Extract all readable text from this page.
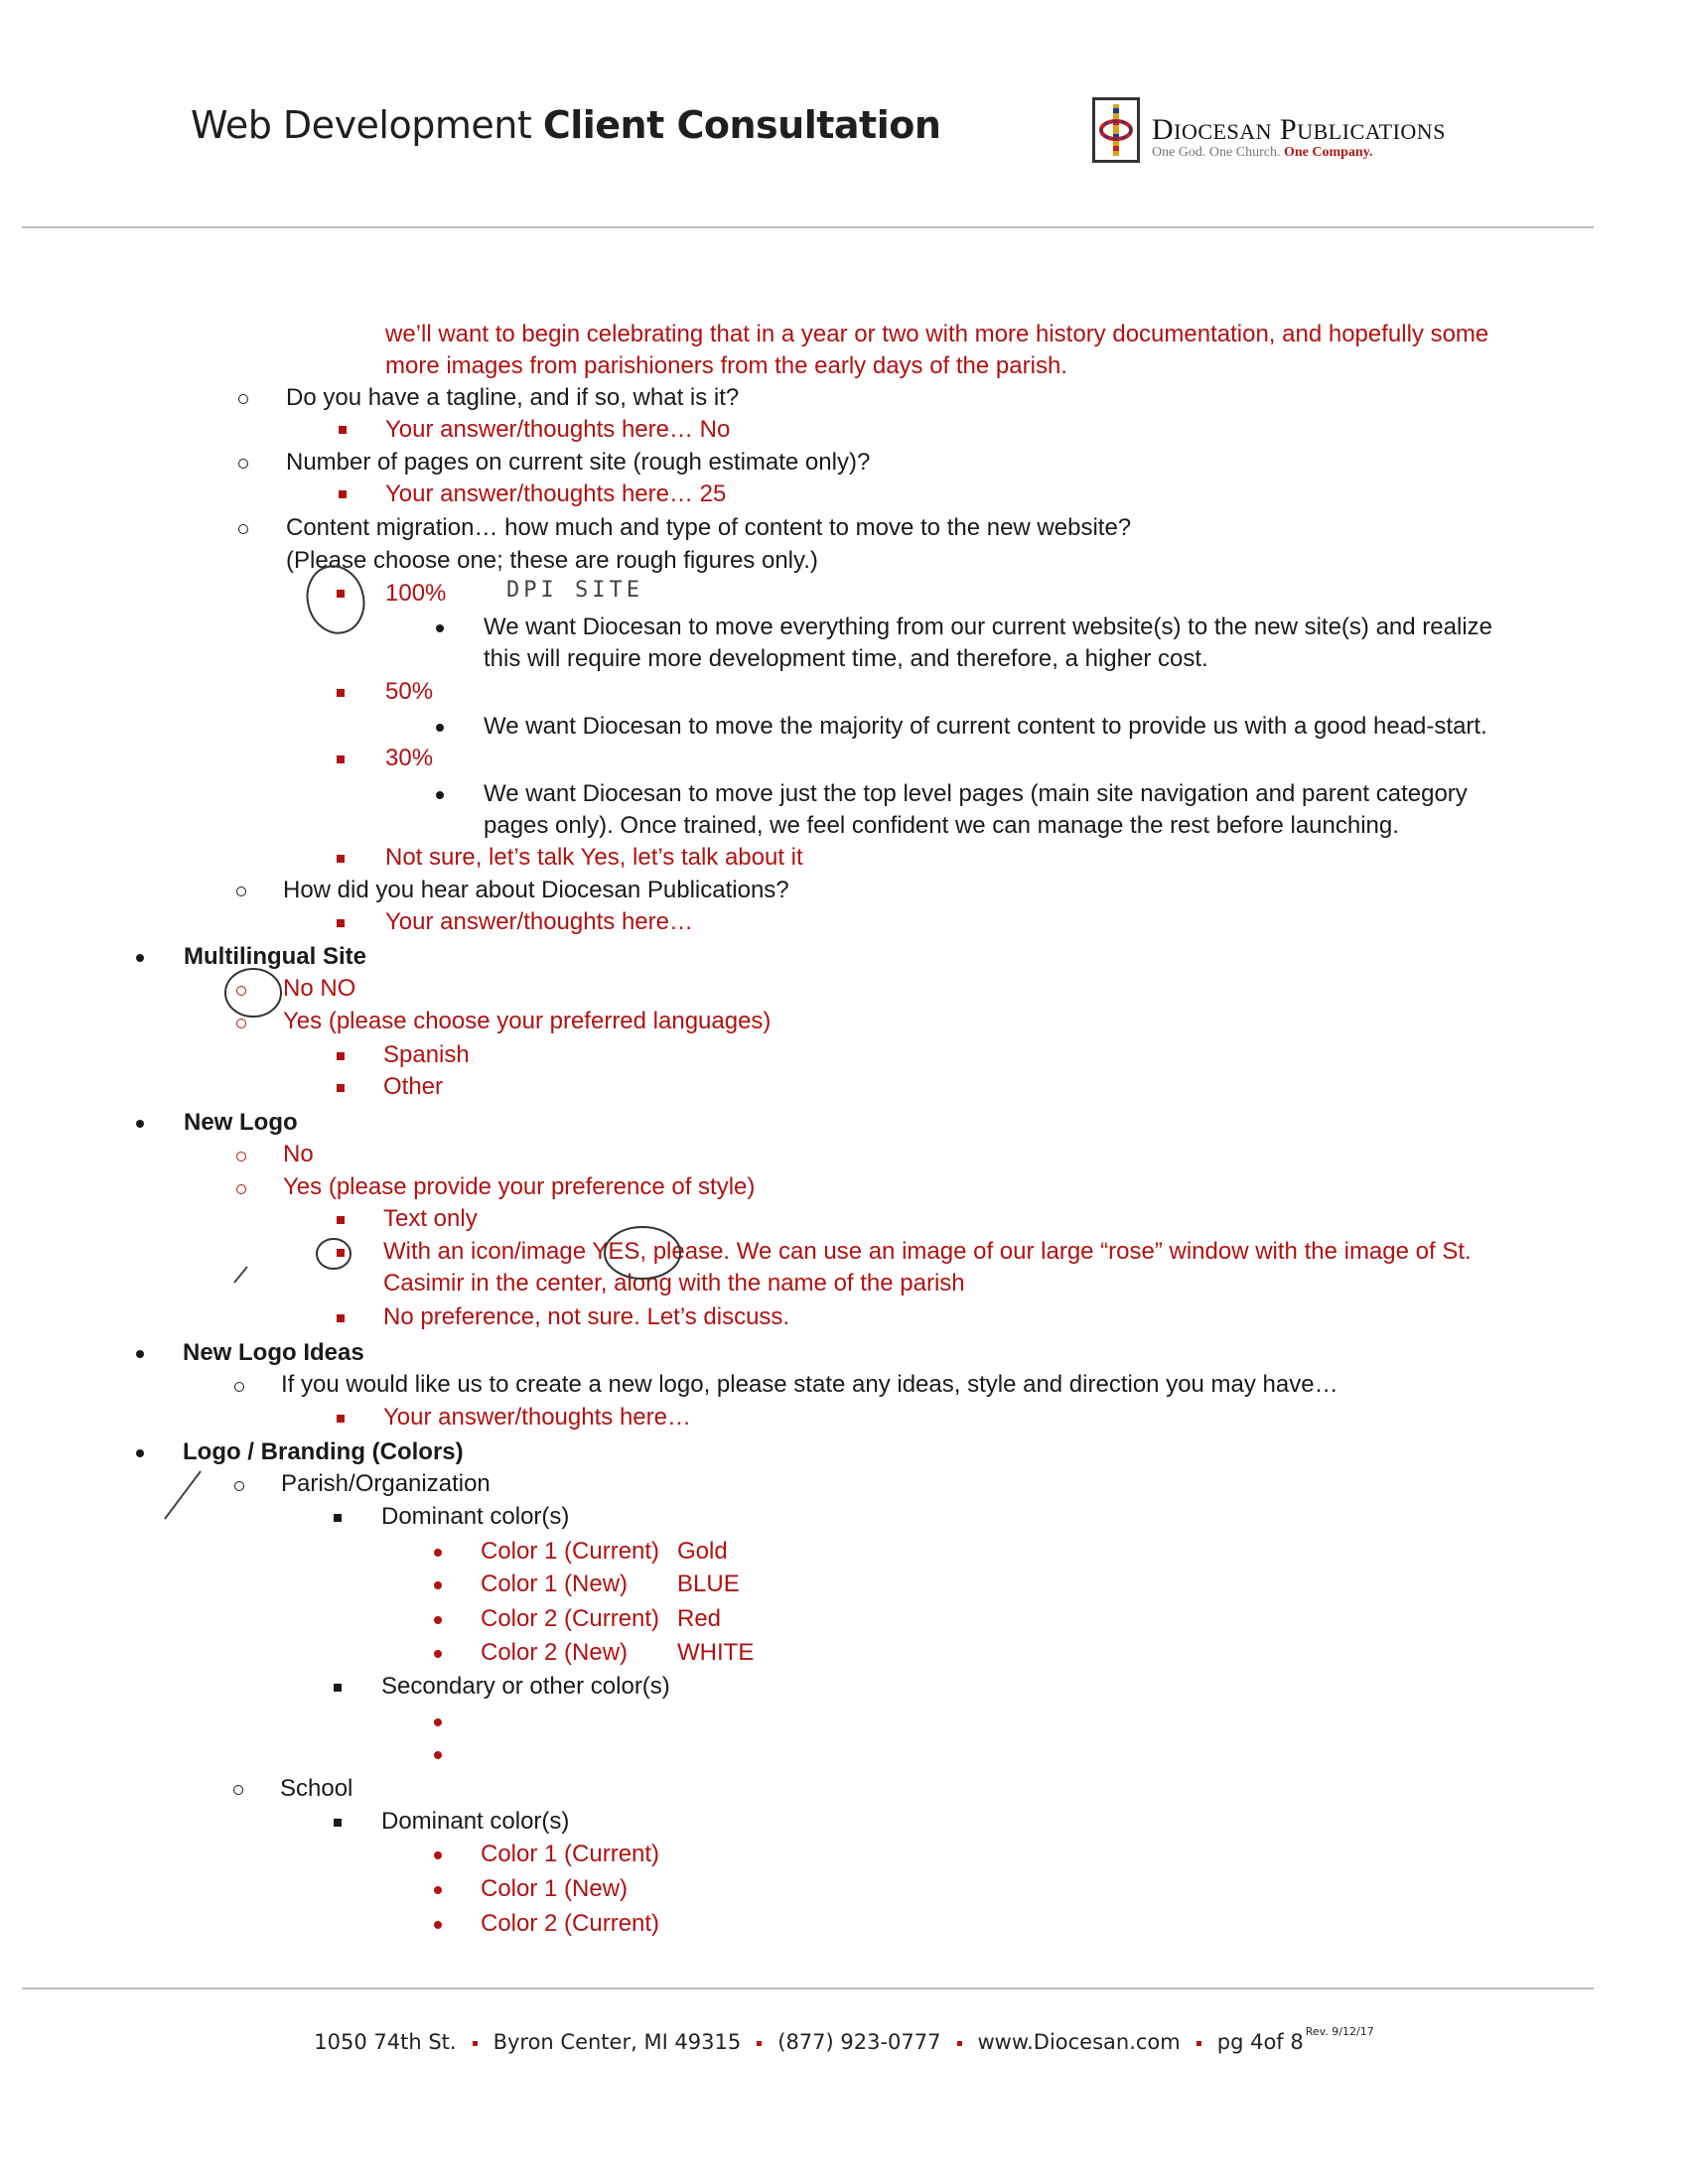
Web Development Client Consultation	DIOCESAN PUBLICATIONS
One God. One Church. One Company.
we’ll want to begin celebrating that in a year or two with more history documentation, and hopefully some
more images from parishioners from the early days of the parish.
Do you have a tagline, and if so, what is it?
Your answer/thoughts here… No
Number of pages on current site (rough estimate only)?
Your answer/thoughts here… 25
Content migration… how much and type of content to move to the new website?
(Please choose one; these are rough figures only.)
100%	DPI SITE
We want Diocesan to move everything from our current website(s) to the new site(s) and realize
this will require more development time, and therefore, a higher cost.
50%
We want Diocesan to move the majority of current content to provide us with a good head-start.
30%
We want Diocesan to move just the top level pages (main site navigation and parent category
pages only). Once trained, we feel confident we can manage the rest before launching.
Not sure, let’s talk Yes, let’s talk about it
How did you hear about Diocesan Publications?
Your answer/thoughts here…
Multilingual Site
No NO
Yes (please choose your preferred languages)
Spanish
Other
New Logo
No
Yes (please provide your preference of style)
Text only
With an icon/image YES, please. We can use an image of our large “rose” window with the image of St.
Casimir in the center, along with the name of the parish
No preference, not sure. Let’s discuss.
New Logo Ideas
If you would like us to create a new logo, please state any ideas, style and direction you may have…
Your answer/thoughts here…
Logo / Branding (Colors)
Parish/Organization
Dominant color(s)
Color 1 (Current) Gold
Color 1 (New) BLUE
Color 2 (Current) Red
Color 2 (New) WHITE
Secondary or other color(s)
School
Dominant color(s)
Color 1 (Current)
Color 1 (New)
Color 2 (Current)
1050 74th St. Byron Center, MI 49315 (877) 923-0777 www.Diocesan.com pg 4of 8 $^{Rev. 9/12/17}$
